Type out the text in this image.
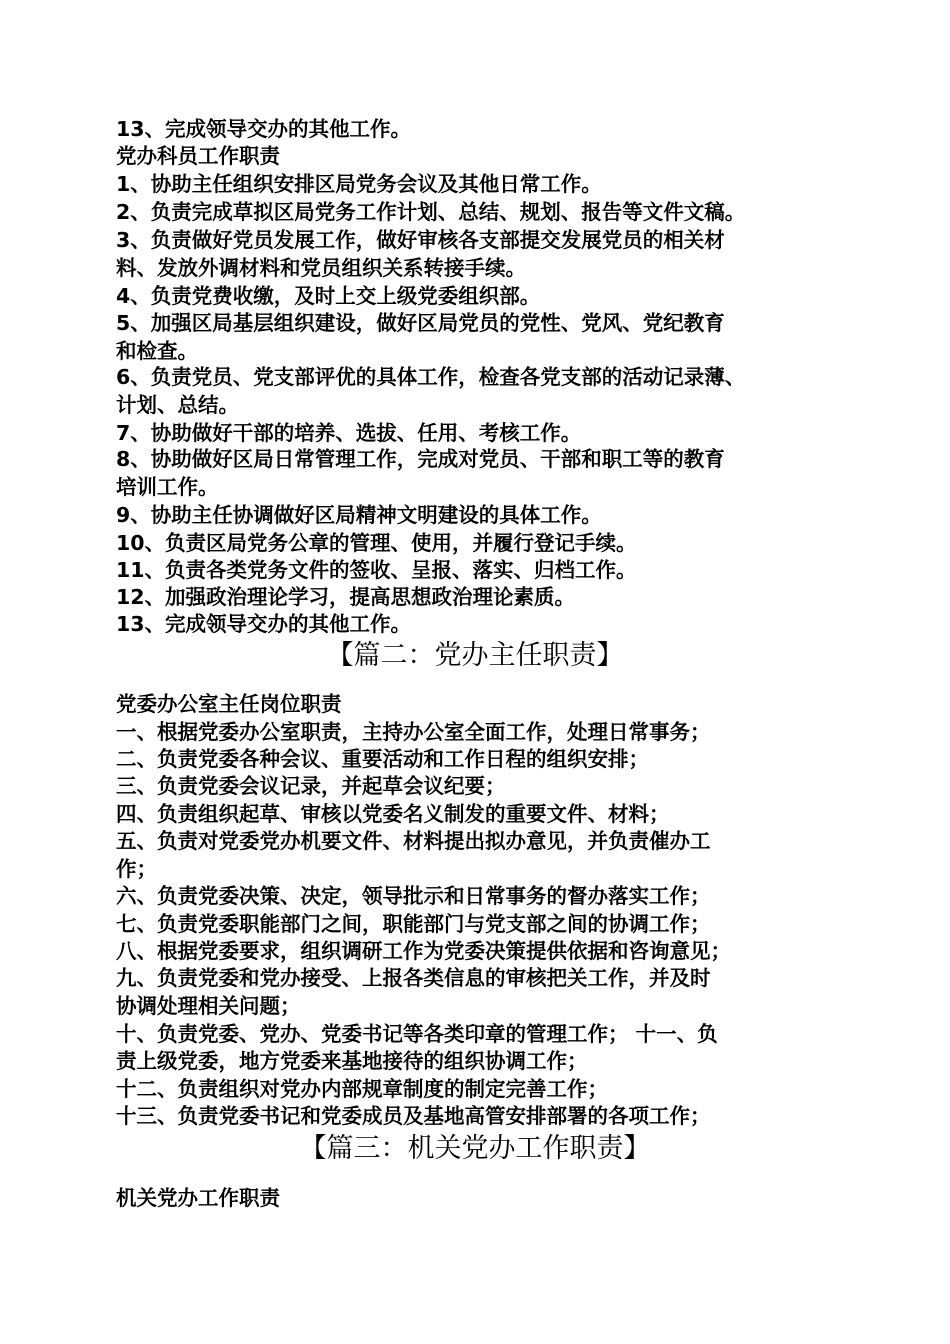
13、完成领导交办的其他工作。
党办科员工作职责
1、协助主任组织安排区局党务会议及其他日常工作。
2、负责完成草拟区局党务工作计划、总结、规划、报告等文件文稿。
3、负责做好党员发展工作，做好审核各支部提交发展党员的相关材
料、发放外调材料和党员组织关系转接手续。
4、负责党费收缴，及时上交上级党委组织部。
5、加强区局基层组织建设，做好区局党员的党性、党风、党纪教育
和检查。
6、负责党员、党支部评优的具体工作，检查各党支部的活动记录薄、
计划、总结。
7、协助做好干部的培养、选拔、任用、考核工作。
8、协助做好区局日常管理工作，完成对党员、干部和职工等的教育
培训工作。
9、协助主任协调做好区局精神文明建设的具体工作。
10、负责区局党务公章的管理、使用，并履行登记手续。
11、负责各类党务文件的签收、呈报、落实、归档工作。
12、加强政治理论学习，提高思想政治理论素质。
13、完成领导交办的其他工作。
【篇二：党办主任职责】
党委办公室主任岗位职责
一、根据党委办公室职责，主持办公室全面工作，处理日常事务；
二、负责党委各种会议、重要活动和工作日程的组织安排；
三、负责党委会议记录，并起草会议纪要；
四、负责组织起草、审核以党委名义制发的重要文件、材料；
五、负责对党委党办机要文件、材料提出拟办意见，并负责催办工
作；
六、负责党委决策、决定，领导批示和日常事务的督办落实工作；
七、负责党委职能部门之间，职能部门与党支部之间的协调工作；
八、根据党委要求，组织调研工作为党委决策提供依据和咨询意见；
九、负责党委和党办接受、上报各类信息的审核把关工作，并及时
协调处理相关问题；
十、负责党委、党办、党委书记等各类印章的管理工作； 十一、负
责上级党委，地方党委来基地接待的组织协调工作；
十二、负责组织对党办内部规章制度的制定完善工作；
十三、负责党委书记和党委成员及基地高管安排部署的各项工作；
【篇三：机关党办工作职责】
机关党办工作职责
